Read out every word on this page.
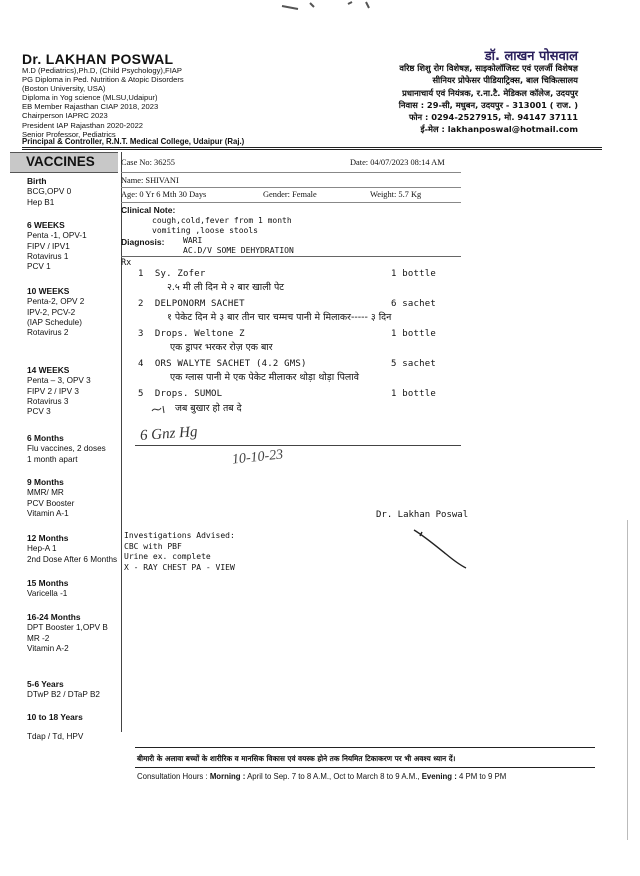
Dr. LAKHAN POSWAL
M.D (Pediatrics),Ph.D, (Child Psychology),FIAP
PG Diploma in Ped. Nutrition & Atopic Disorders
(Boston University, USA)
Diploma in Yog science (MLSU,Udaipur)
EB Member Rajasthan CIAP 2018, 2023
Chairperson IAPRC 2023
President IAP Rajasthan 2020-2022
Senior Professor, Pediatrics
Principal & Controller, R.N.T. Medical College, Udaipur (Raj.)
डॉ. लाखन पोसवाल
वरिष्ठ शिशु रोग विशेषज्ञ, साइकोलॉजिस्ट एवं एलर्जी विशेषज्ञ
सीनियर प्रोफेसर पीडियाट्रिक्स, बाल चिकित्सालय
प्रधानाचार्य एवं नियंत्रक, र.ना.टै. मेडिकल कॉलेज, उदयपुर
निवास : 29-सी, मधुबन, उदयपुर - 313001 ( राज. )
फोन : 0294-2527915, मो. 94147 37111
ई-मेल : lakhanposwal@hotmail.com
VACCINES
Birth
BCG,OPV 0
Hep B1
6 WEEKS
Penta -1, OPV-1
FIPV / IPV1
Rotavirus 1
PCV 1
10 WEEKS
Penta-2, OPV 2
IPV-2, PCV-2
(IAP Schedule)
Rotavirus 2
14 WEEKS
Penta – 3, OPV 3
FIPV 2 / IPV 3
Rotavirus 3
PCV 3
6 Months
Flu vaccines, 2 doses
1 month apart
9 Months
MMR/ MR
PCV Booster
Vitamin A-1
12 Months
Hep-A 1
2nd Dose After 6 Months
15 Months
Varicella -1
16-24 Months
DPT Booster 1,OPV B
MR -2
Vitamin A-2
5-6 Years
DTwP B2 / DTaP B2
10 to 18 Years
Tdap / Td, HPV
Case No: 36255	Date: 04/07/2023 08:14 AM
Name: SHIVANI
Age: 0 Yr 6 Mth 30 Days	Gender: Female	Weight: 5.7 Kg
Clinical Note:
cough,cold,fever from 1 month
vomiting ,loose stools
Diagnosis: WARI
AC.D/V SOME DEHYDRATION
Rx
1 Sy. Zofer	1 bottle
२.५ मी ली दिन मे २ बार खाली पेट
2 DELPONORM SACHET	6 sachet
१ पेकेट दिन मे ३ बार तीन चार चम्मच पानी मे मिलाकर----- ३ दिन
3 Drops. Weltone Z	1 bottle
एक ड्रापर भरकर रोज़ एक बार
4 ORS WALYTE SACHET (4.2 GMS)	5 sachet
एक ग्लास पानी मे एक पेकेट मीलाकर थोड़ा थोड़ा पिलावे
5 Drops. SUMOL	1 bottle
जब बुखार हो तब दे
6 Gnz Hg
10-10-23
Dr. Lakhan Poswal
Investigations Advised:
CBC with PBF
Urine ex. complete
X - RAY CHEST PA - VIEW
बीमारी के अलावा बच्चों के शारीरिक व मानसिक विकास एवं वयस्क होने तक नियमित टिकाकरण पर भी अवश्य ध्यान दें।
Consultation Hours : Morning : April to Sep. 7 to 8 A.M., Oct to March 8 to 9 A.M., Evening : 4 PM to 9 PM
